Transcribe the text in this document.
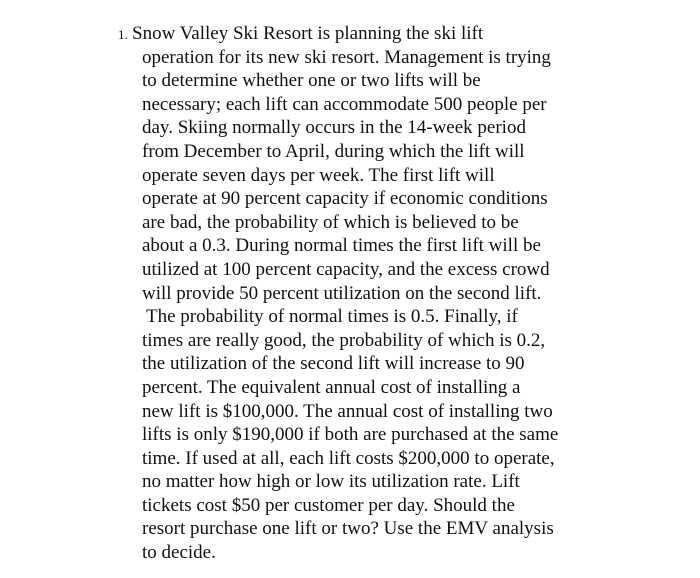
1. Snow Valley Ski Resort is planning the ski lift
operation for its new ski resort. Management is trying
to determine whether one or two lifts will be
necessary; each lift can accommodate 500 people per
day. Skiing normally occurs in the 14-week period
from December to April, during which the lift will
operate seven days per week. The first lift will
operate at 90 percent capacity if economic conditions
are bad, the probability of which is believed to be
about a 0.3. During normal times the first lift will be
utilized at 100 percent capacity, and the excess crowd
will provide 50 percent utilization on the second lift.
The probability of normal times is 0.5. Finally, if
times are really good, the probability of which is 0.2,
the utilization of the second lift will increase to 90
percent. The equivalent annual cost of installing a
new lift is $100,000. The annual cost of installing two
lifts is only $190,000 if both are purchased at the same
time. If used at all, each lift costs $200,000 to operate,
no matter how high or low its utilization rate. Lift
tickets cost $50 per customer per day. Should the
resort purchase one lift or two? Use the EMV analysis
to decide.
